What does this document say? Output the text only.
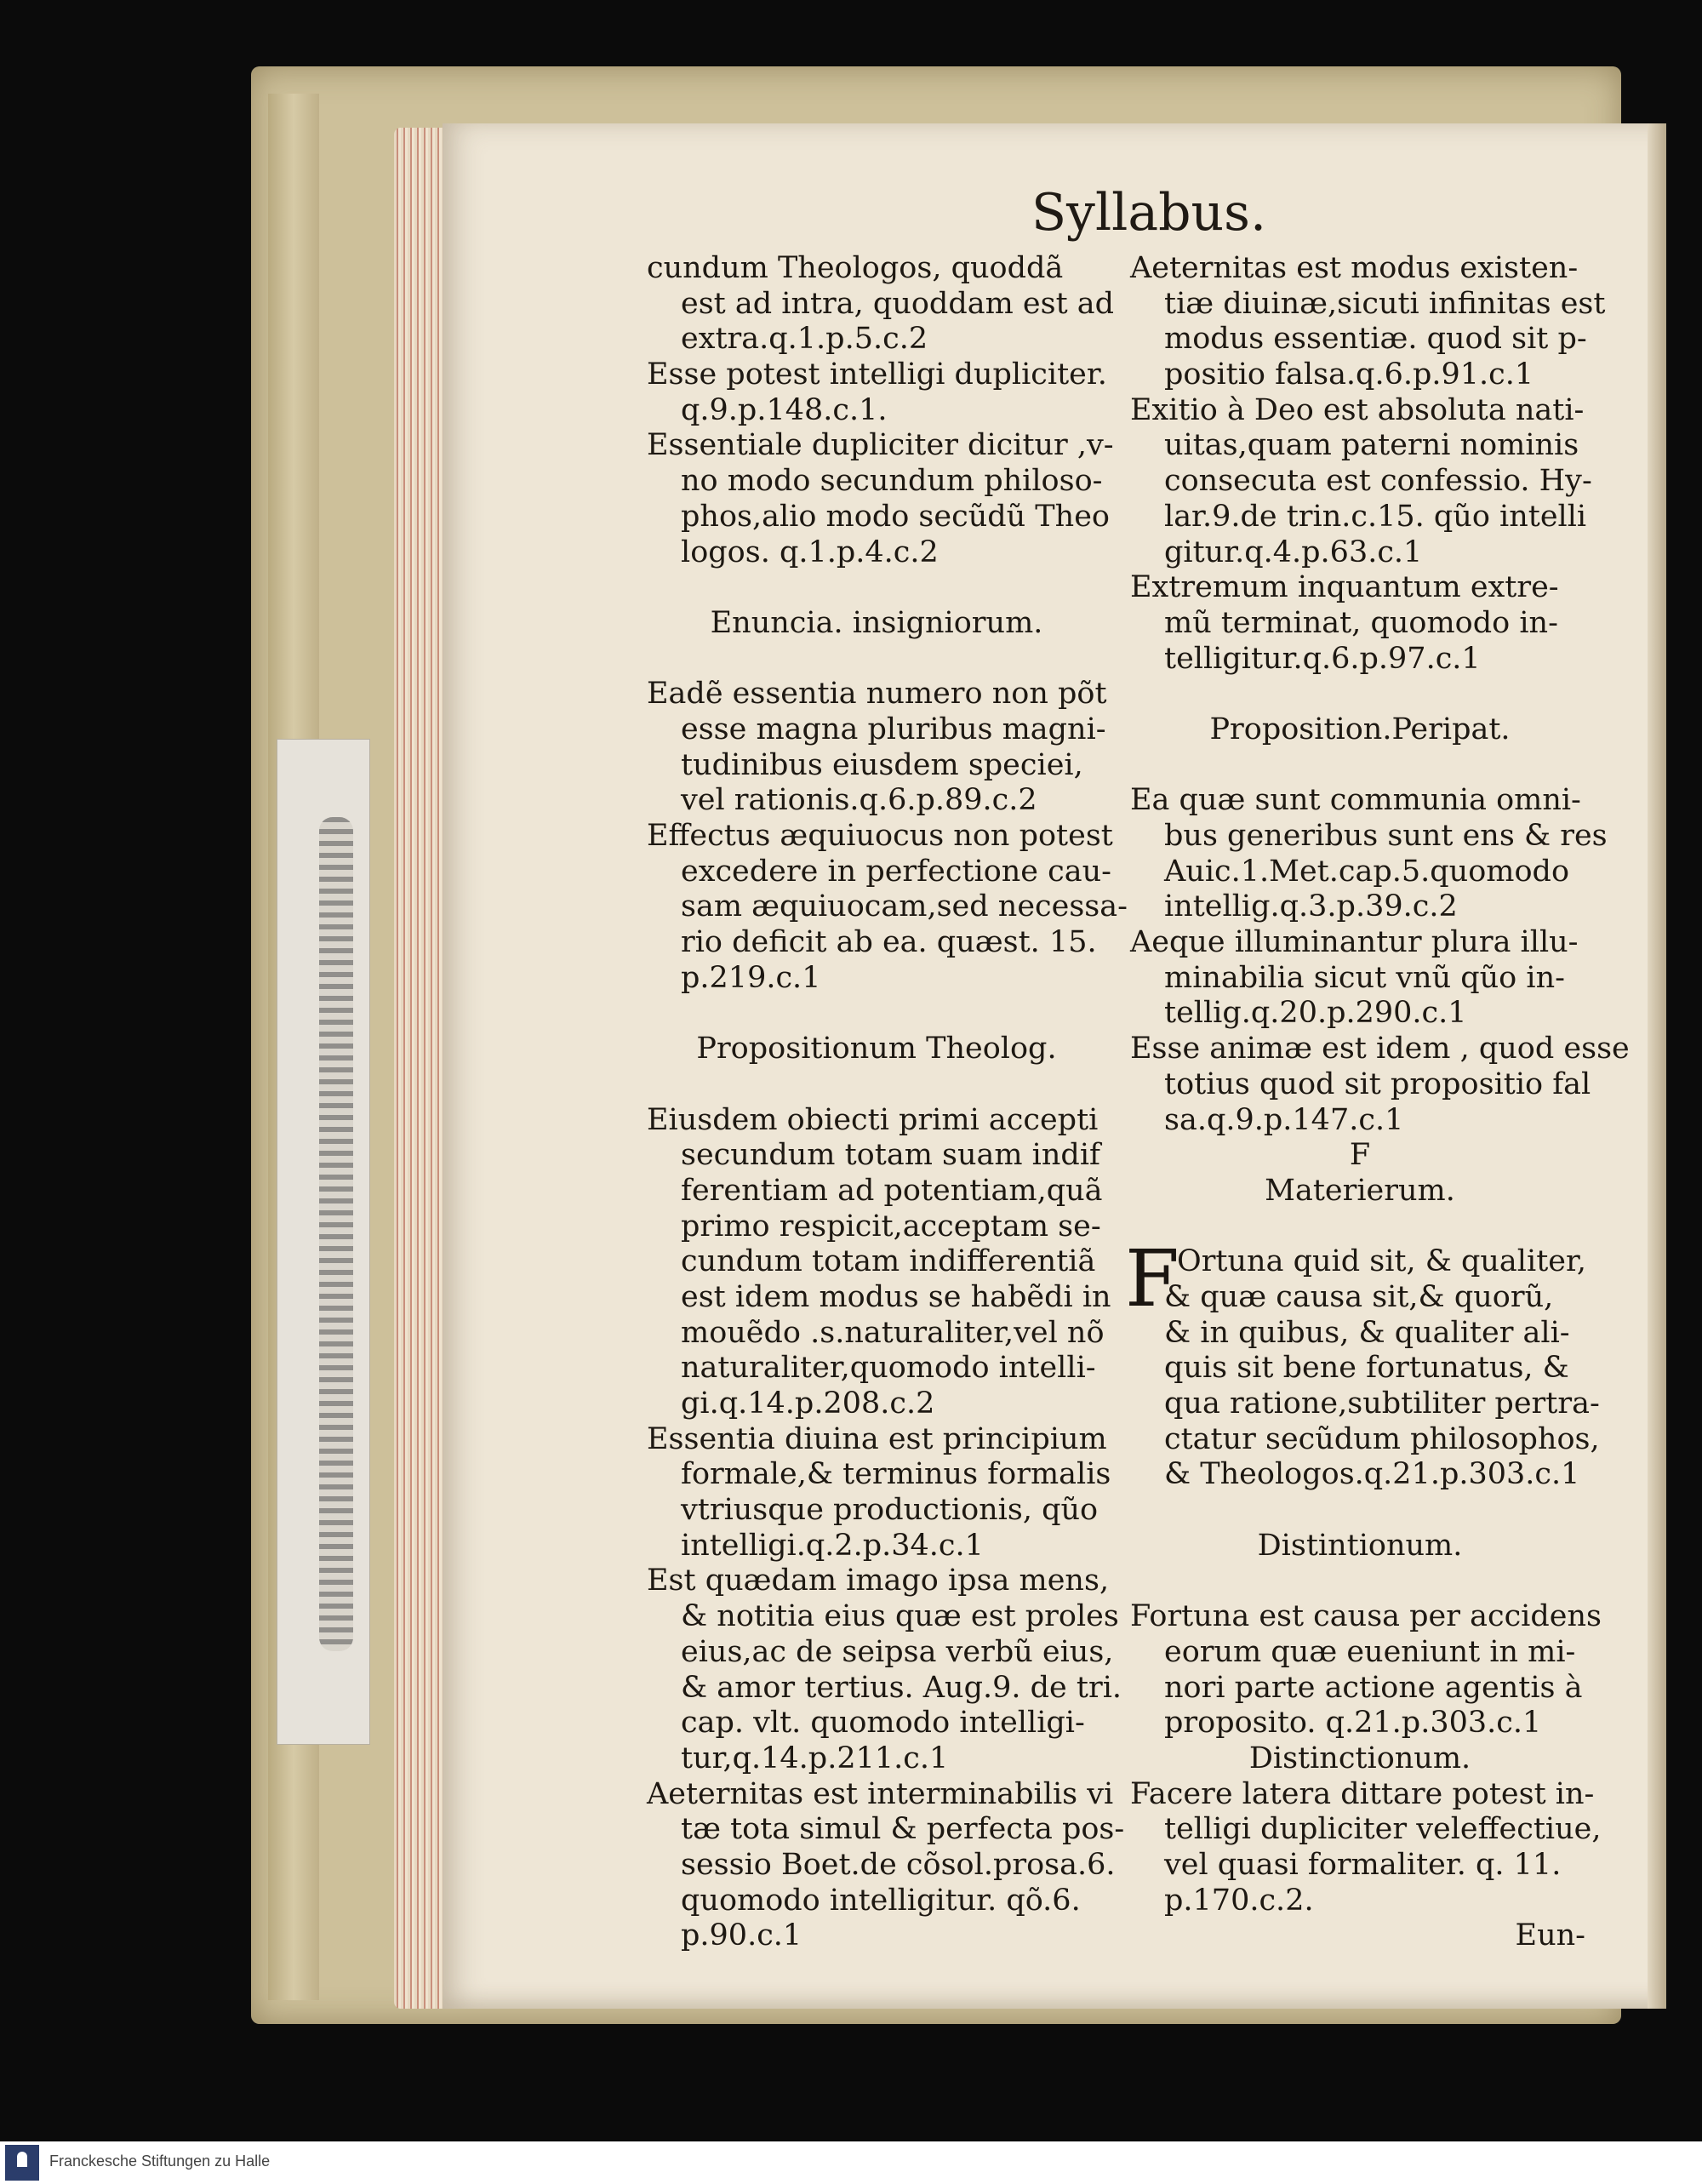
Syllabus.
cundum Theologos, quoddã
est ad intra, quoddam est ad
extra.q.1.p.5.c.2
Esse potest intelligi dupliciter.
q.9.p.148.c.1.
Essentiale dupliciter dicitur ,v-
no modo secundum philoso-
phos,alio modo secũdũ Theo
logos. q.1.p.4.c.2
Enuncia. insigniorum.
Eadẽ essentia numero non põt
esse magna pluribus magni-
tudinibus eiusdem speciei,
vel rationis.q.6.p.89.c.2
Effectus æquiuocus non potest
excedere in perfectione cau-
sam æquiuocam,sed necessa-
rio deficit ab ea. quæst. 15.
p.219.c.1
Propositionum Theolog.
Eiusdem obiecti primi accepti
secundum totam suam indif
ferentiam ad potentiam,quã
primo respicit,acceptam se-
cundum totam indifferentiã
est idem modus se habẽdi in
mouẽdo .s.naturaliter,vel nõ
naturaliter,quomodo intelli-
gi.q.14.p.208.c.2
Essentia diuina est principium
formale,& terminus formalis
vtriusque productionis, qũo
intelligi.q.2.p.34.c.1
Est quædam imago ipsa mens,
& notitia eius quæ est proles
eius,ac de seipsa verbũ eius,
& amor tertius. Aug.9. de tri.
cap. vlt. quomodo intelligi-
tur,q.14.p.211.c.1
Aeternitas est interminabilis vi
tæ tota simul & perfecta pos-
sessio Boet.de cõsol.prosa.6.
quomodo intelligitur. qõ.6.
p.90.c.1
Aeternitas est modus existen-
tiæ diuinæ,sicuti infinitas est
modus essentiæ. quod sit p-
positio falsa.q.6.p.91.c.1
Exitio à Deo est absoluta nati-
uitas,quam paterni nominis
consecuta est confessio. Hy-
lar.9.de trin.c.15. qũo intelli
gitur.q.4.p.63.c.1
Extremum inquantum extre-
mũ terminat, quomodo in-
telligitur.q.6.p.97.c.1
Proposition.Peripat.
Ea quæ sunt communia omni-
bus generibus sunt ens & res
Auic.1.Met.cap.5.quomodo
intellig.q.3.p.39.c.2
Aeque illuminantur plura illu-
minabilia sicut vnũ qũo in-
tellig.q.20.p.290.c.1
Esse animæ est idem , quod esse
totius quod sit propositio fal
sa.q.9.p.147.c.1
F
Materierum.
F
Ortuna quid sit, & qualiter,
& quæ causa sit,& quorũ,
& in quibus, & qualiter ali-
quis sit bene fortunatus, &
qua ratione,subtiliter pertra-
ctatur secũdum philosophos,
& Theologos.q.21.p.303.c.1
Distintionum.
Fortuna est causa per accidens
eorum quæ eueniunt in mi-
nori parte actione agentis à
proposito. q.21.p.303.c.1
Distinctionum.
Facere latera dittare potest in-
telligi dupliciter veleffectiue,
vel quasi formaliter. q. 11.
p.170.c.2.
Eun-
Franckesche Stiftungen zu Halle
